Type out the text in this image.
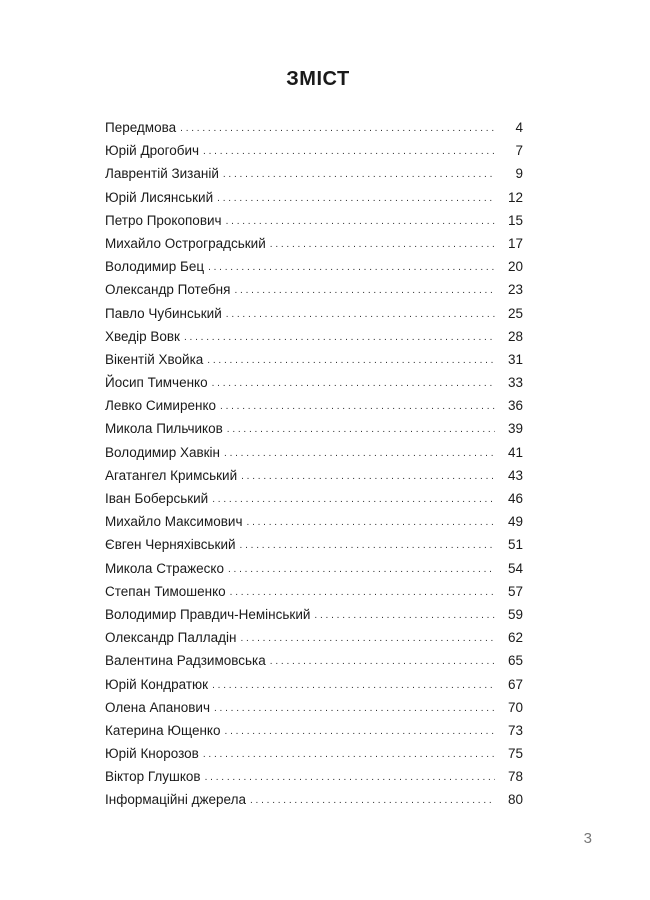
ЗМІСТ
Передмова . . .	4
Юрій Дрогобич . . .	7
Лаврентій Зизаній . . .	9
Юрій Лисянський . . .	12
Петро Прокопович . . .	15
Михайло Остроградський . . .	17
Володимир Бец . . .	20
Олександр Потебня . . .	23
Павло Чубинський . . .	25
Хведір Вовк . . .	28
Вікентій Хвойка . . .	31
Йосип Тимченко . . .	33
Левко Симиренко . . .	36
Микола Пильчиков . . .	39
Володимир Хавкін . . .	41
Агатангел Кримський . . .	43
Іван Боберський . . .	46
Михайло Максимович . . .	49
Євген Черняхівський . . .	51
Микола Стражеско . . .	54
Степан Тимошенко . . .	57
Володимир Правдич-Немінський . . .	59
Олександр Палладін . . .	62
Валентина Радзимовська . . .	65
Юрій Кондратюк . . .	67
Олена Апанович . . .	70
Катерина Ющенко . . .	73
Юрій Кнорозов . . .	75
Віктор Глушков . . .	78
Інформаційні джерела . . .	80
3
